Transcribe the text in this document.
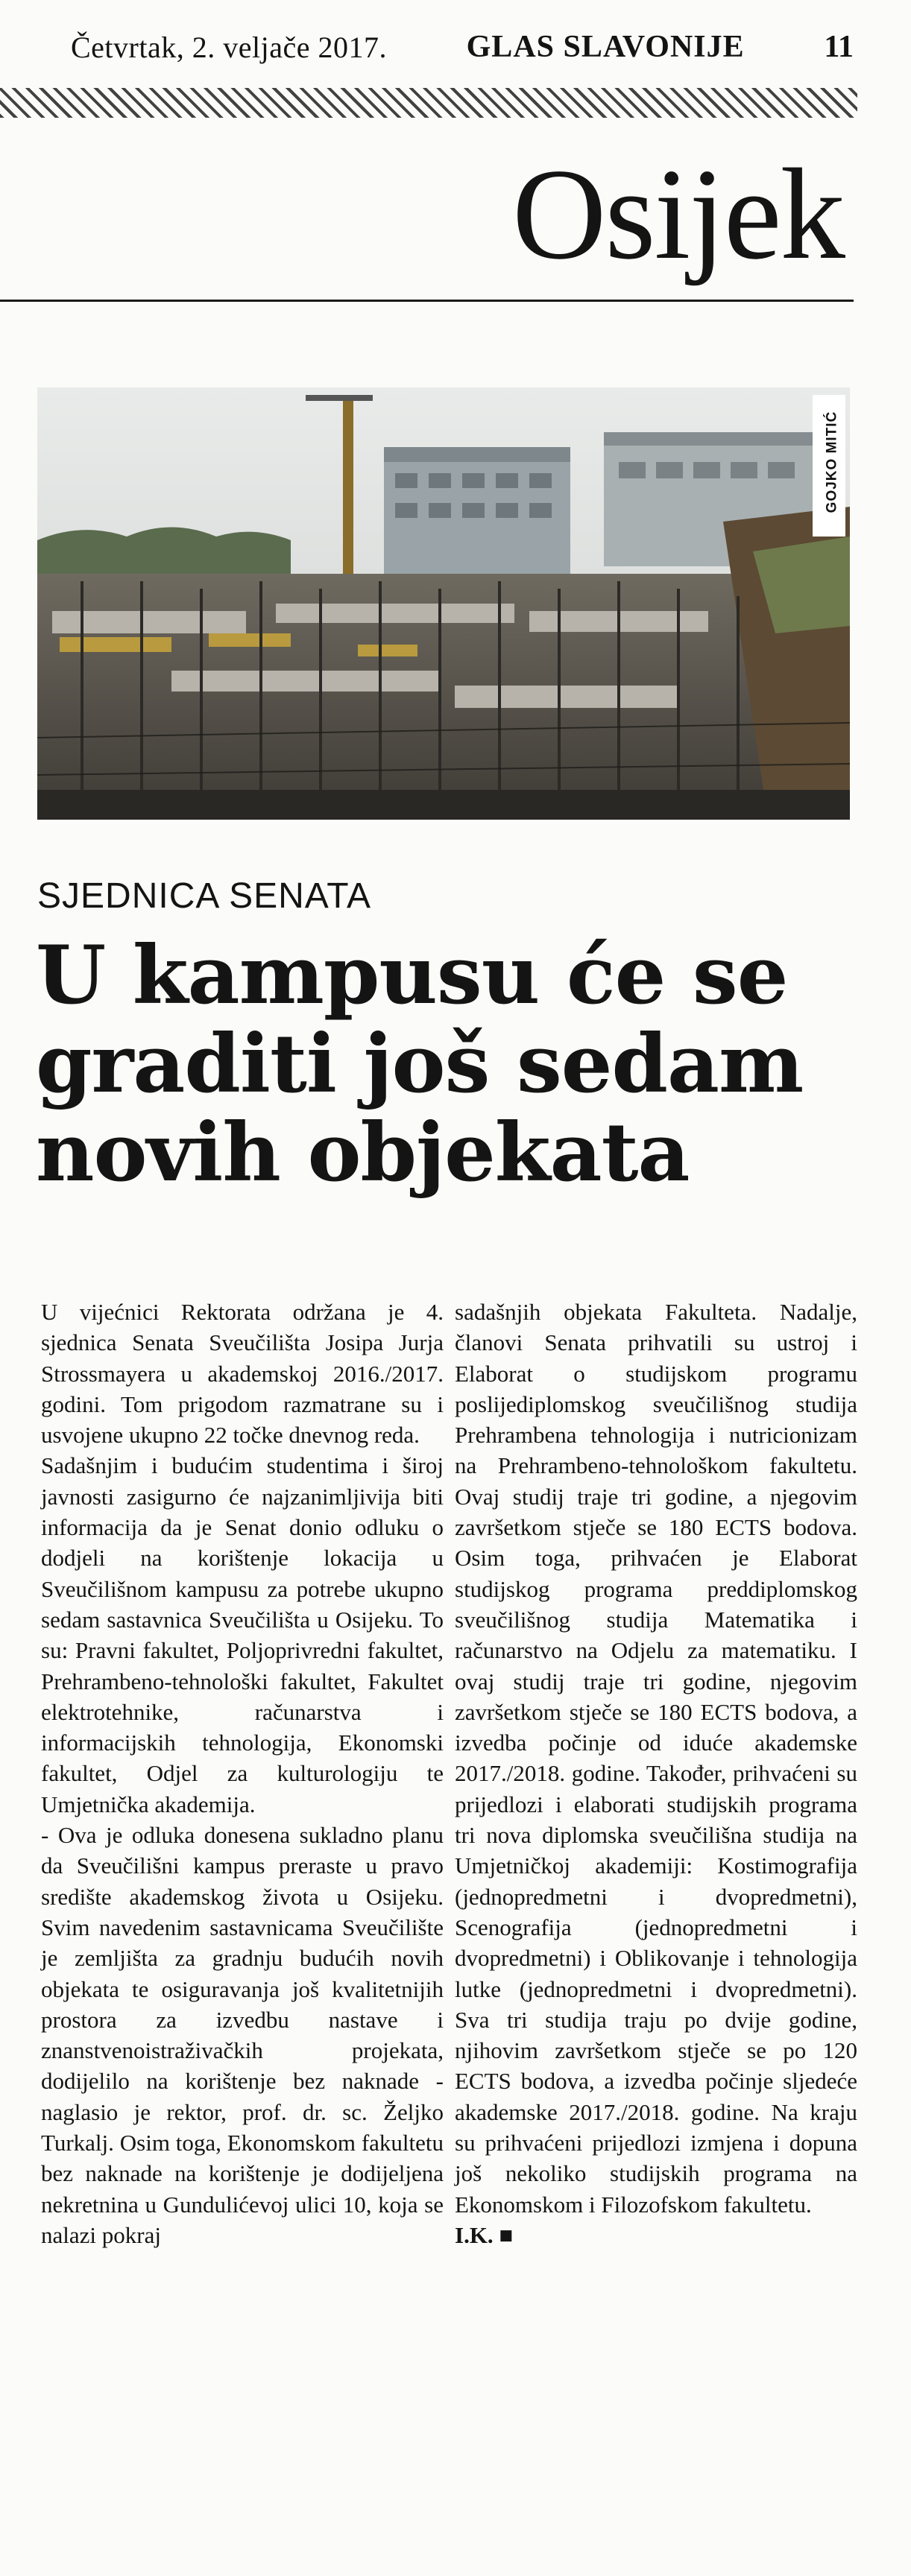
Četvrtak, 2. veljače 2017.	GLAS SLAVONIJE	11
Osijek
GOJKO MITIĆ
SJEDNICA SENATA
U kampusu će se graditi još sedam novih objekata

U vijećnici Rektorata održana je 4. sjednica Senata Sveučilišta Josipa Jurja Strossmayera u akademskoj 2016./2017. godini. Tom prigodom razmatrane su i usvojene ukupno 22 točke dnevnog reda.

Sadašnjim i budućim studentima i široj javnosti zasigurno će najzanimljivija biti informacija da je Senat donio odluku o dodjeli na korištenje lokacija u Sveučilišnom kampusu za potrebe ukupno sedam sastavnica Sveučilišta u Osijeku. To su: Pravni fakultet, Poljoprivredni fakultet, Prehrambeno-tehnološki fakultet, Fakultet elektrotehnike, računarstva i informacijskih tehnologija, Ekonomski fakultet, Odjel za kulturologiju te Umjetnička akademija.

- Ova je odluka donesena sukladno planu da Sveučilišni kampus preraste u pravo središte akademskog života u Osijeku. Svim navedenim sastavnicama Sveučilište je zemljišta za gradnju budućih novih objekata te osiguravanja još kvalitetnijih prostora za izvedbu nastave i znanstvenoistraživačkih projekata, dodijelilo na korištenje bez naknade - naglasio je rektor, prof. dr. sc. Željko Turkalj. Osim toga, Ekonomskom fakultetu bez naknade na korištenje je dodijeljena nekretnina u Gundulićevoj ulici 10, koja se nalazi pokraj

sadašnjih objekata Fakulteta. Nadalje, članovi Senata prihvatili su ustroj i Elaborat o studijskom programu poslijediplomskog sveučilišnog studija Prehrambena tehnologija i nutricionizam na Prehrambeno-tehnološkom fakultetu. Ovaj studij traje tri godine, a njegovim završetkom stječe se 180 ECTS bodova. Osim toga, prihvaćen je Elaborat studijskog programa preddiplomskog sveučilišnog studija Matematika i računarstvo na Odjelu za matematiku. I ovaj studij traje tri godine, njegovim završetkom stječe se 180 ECTS bodova, a izvedba počinje od iduće akademske 2017./2018. godine. Također, prihvaćeni su prijedlozi i elaborati studijskih programa tri nova diplomska sveučilišna studija na Umjetničkoj akademiji: Kostimografija (jednopredmetni i dvopredmetni), Scenografija (jednopredmetni i dvopredmetni) i Oblikovanje i tehnologija lutke (jednopredmetni i dvopredmetni). Sva tri studija traju po dvije godine, njihovim završetkom stječe se po 120 ECTS bodova, a izvedba počinje sljedeće akademske 2017./2018. godine. Na kraju su prihvaćeni prijedlozi izmjena i dopuna još nekoliko studijskih programa na Ekonomskom i Filozofskom fakultetu.

I.K. ■
